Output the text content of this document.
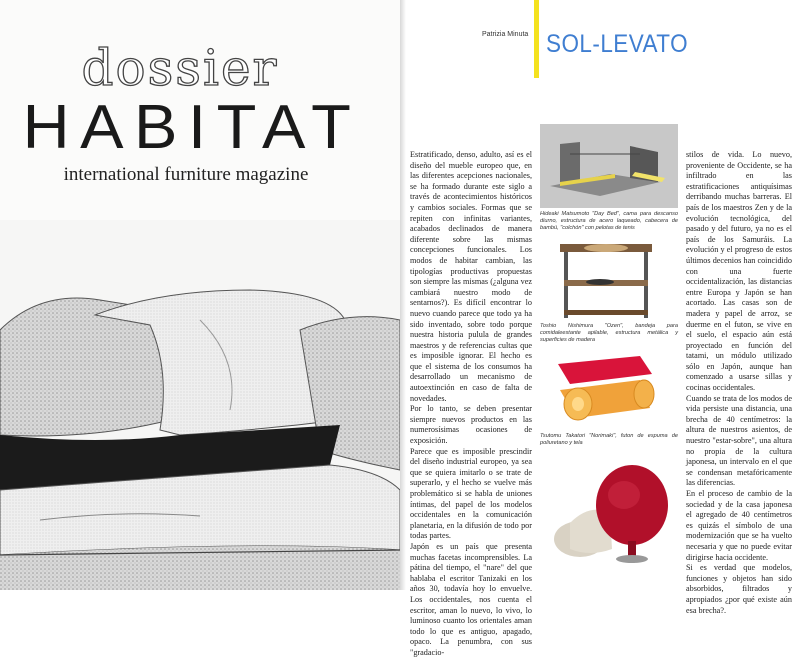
dossier
HABITAT
international furniture magazine
Patrizia Minuta SOL-LEVATO

Estratificado, denso, adulto, así es el diseño del mueble europeo que, en las diferentes acepciones nacionales, se ha formado durante este siglo a través de acontecimientos históricos y cambios sociales. Formas que se repiten con infinitas variantes, acabados declinados de manera diferente sobre las mismas concepciones funcionales. Los modos de habitar cambian, las tipologías productivas propuestas son siempre las mismas (¿alguna vez cambiará nuestro modo de sentarnos?). Es difícil encontrar lo nuevo cuando parece que todo ya ha sido inventado, sobre todo porque nuestra historia pulula de grandes maestros y de referencias cultas que es imposible ignorar. El hecho es que el sistema de los consumos ha desarrollado un mecanismo de autoextinción en caso de falta de novedades.

Por lo tanto, se deben presentar siempre nuevos productos en las numerosísimas ocasiones de exposición.

Parece que es imposible prescindir del diseño industrial europeo, ya sea que se quiera imitarlo o se trate de superarlo, y el hecho se vuelve más problemático si se habla de uniones íntimas, del papel de los modelos occidentales en la comunicación planetaria, en la difusión de todo por todas partes.

Japón es un país que presenta muchas facetas incomprensibles. La pátina del tiempo, el "nare" del que hablaba el escritor Tanizaki en los años 30, todavía hoy lo envuelve. Los occidentales, nos cuenta el escritor, aman lo nuevo, lo vivo, lo luminoso cuanto los orientales aman todo lo que es antiguo, apagado, opaco. La penumbra, con sus "gradacio-

Hideaki Matsumoto "Day Bed", cama para descanso diurno, estructura de acero laqueado, cabecera de bambú, "colchón" con pelotas de tenis
Toshio Nishimura "Ozen", bandeja para comidaleestante apilable, estructura metálica y superficies de madera
Tsutomu Takatori "Norimaki", futon de espuma de poliuretano y tela

stilos de vida. Lo nuevo, proveniente de Occidente, se ha infiltrado en las estratificaciones antiquísimas derribando muchas barreras. El país de los maestros Zen y de la evolución tecnológica, del pasado y del futuro, ya no es el país de los Samuráis. La evolución y el progreso de estos últimos decenios han coincidido con una fuerte occidentalización, las distancias entre Europa y Japón se han acortado. Las casas son de madera y papel de arroz, se duerme en el futon, se vive en el suelo, el espacio aún está proyectado en función del tatami, un módulo utilizado sólo en Japón, aunque han comenzado a usarse sillas y cocinas occidentales.

Cuando se trata de los modos de vida persiste una distancia, una brecha de 40 centímetros: la altura de nuestros asientos, de nuestro "estar-sobre", una altura no propia de la cultura japonesa, un intervalo en el que se condensan metafóricamente las diferencias.

En el proceso de cambio de la sociedad y de la casa japonesa el agregado de 40 centímetros es quizás el símbolo de una modernización que se ha vuelto necesaria y que no puede evitar dirigirse hacia occidente.

Si es verdad que modelos, funciones y objetos han sido absorbidos, filtrados y apropiados ¿por qué existe aún esa brecha?.
